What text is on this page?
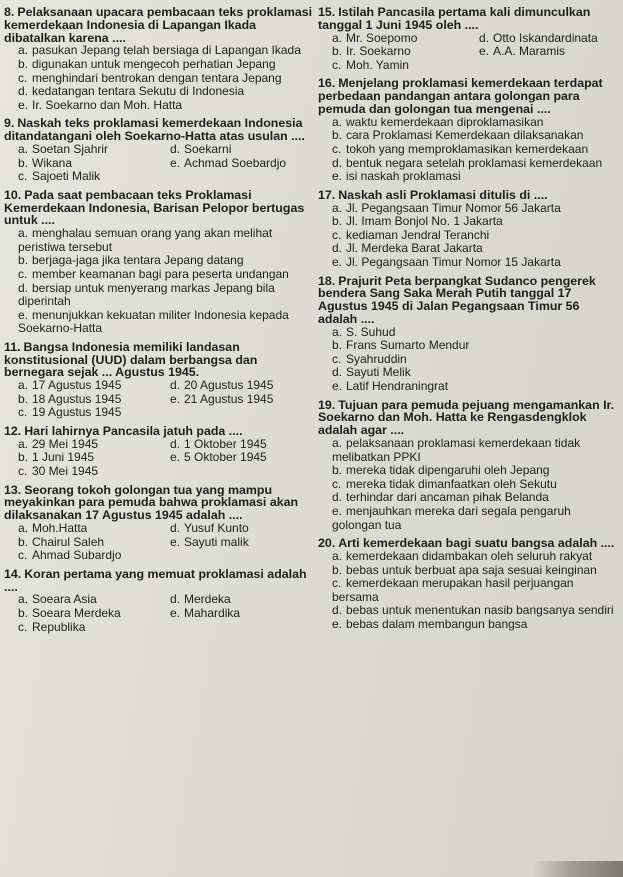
8. Pelaksanaan upacara pembacaan teks proklamasi kemerdekaan Indonesia di Lapangan Ikada dibatalkan karena ....
a. pasukan Jepang telah bersiaga di Lapangan Ikada
b. digunakan untuk mengecoh perhatian Jepang
c. menghindari bentrokan dengan tentara Jepang
d. kedatangan tentara Sekutu di Indonesia
e. Ir. Soekarno dan Moh. Hatta
9. Naskah teks proklamasi kemerdekaan Indonesia ditandatangani oleh Soekarno-Hatta atas usulan ....
a. Soetan Sjahrir	d. Soekarni
b. Wikana	e. Achmad Soebardjo
c. Sajoeti Malik
10. Pada saat pembacaan teks Proklamasi Kemerdekaan Indonesia, Barisan Pelopor bertugas untuk ....
a. menghalau semuan orang yang akan melihat peristiwa tersebut
b. berjaga-jaga jika tentara Jepang datang
c. member keamanan bagi para peserta undangan
d. bersiap untuk menyerang markas Jepang bila diperintah
e. menunjukkan kekuatan militer Indonesia kepada Soekarno-Hatta
11. Bangsa Indonesia memiliki landasan konstitusional (UUD) dalam berbangsa dan bernegara sejak ... Agustus 1945.
a. 17 Agustus 1945	d. 20 Agustus 1945
b. 18 Agustus 1945	e. 21 Agustus 1945
c. 19 Agustus 1945
12. Hari lahirnya Pancasila jatuh pada ....
a. 29 Mei 1945	d. 1 Oktober 1945
b. 1 Juni 1945	e. 5 Oktober 1945
c. 30 Mei 1945
13. Seorang tokoh golongan tua yang mampu meyakinkan para pemuda bahwa proklamasi akan dilaksanakan 17 Agustus 1945 adalah ....
a. Moh.Hatta	d. Yusuf Kunto
b. Chairul Saleh	e. Sayuti malik
c. Ahmad Subardjo
14. Koran pertama yang memuat proklamasi adalah ....
a. Soeara Asia	d. Merdeka
b. Soeara Merdeka	e. Mahardika
c. Republika
15. Istilah Pancasila pertama kali dimunculkan tanggal 1 Juni 1945 oleh ....
a. Mr. Soepomo	d. Otto Iskandardinata
b. Ir. Soekarno	e. A.A. Maramis
c. Moh. Yamin
16. Menjelang proklamasi kemerdekaan terdapat perbedaan pandangan antara golongan para pemuda dan golongan tua mengenai ....
a. waktu kemerdekaan diproklamasikan
b. cara Proklamasi Kemerdekaan dilaksanakan
c. tokoh yang memproklamasikan kemerdekaan
d. bentuk negara setelah proklamasi kemerdekaan
e. isi naskah proklamasi
17. Naskah asli Proklamasi ditulis di ....
a. Jl. Pegangsaan Timur Nomor 56 Jakarta
b. Jl. Imam Bonjol No. 1 Jakarta
c. kediaman Jendral Teranchi
d. Jl. Merdeka Barat Jakarta
e. Jl. Pegangsaan Timur Nomor 15 Jakarta
18. Prajurit Peta berpangkat Sudanco pengerek bendera Sang Saka Merah Putih tanggal 17 Agustus 1945 di Jalan Pegangsaan Timur 56 adalah ....
a. S. Suhud
b. Frans Sumarto Mendur
c. Syahruddin
d. Sayuti Melik
e. Latif Hendraningrat
19. Tujuan para pemuda pejuang mengamankan Ir. Soekarno dan Moh. Hatta ke Rengasdengklok adalah agar ....
a. pelaksanaan proklamasi kemerdekaan tidak melibatkan PPKI
b. mereka tidak dipengaruhi oleh Jepang
c. mereka tidak dimanfaatkan oleh Sekutu
d. terhindar dari ancaman pihak Belanda
e. menjauhkan mereka dari segala pengaruh golongan tua
20. Arti kemerdekaan bagi suatu bangsa adalah ....
a. kemerdekaan didambakan oleh seluruh rakyat
b. bebas untuk berbuat apa saja sesuai keinginan
c. kemerdekaan merupakan hasil perjuangan bersama
d. bebas untuk menentukan nasib bangsanya sendiri
e. bebas dalam membangun bangsa
